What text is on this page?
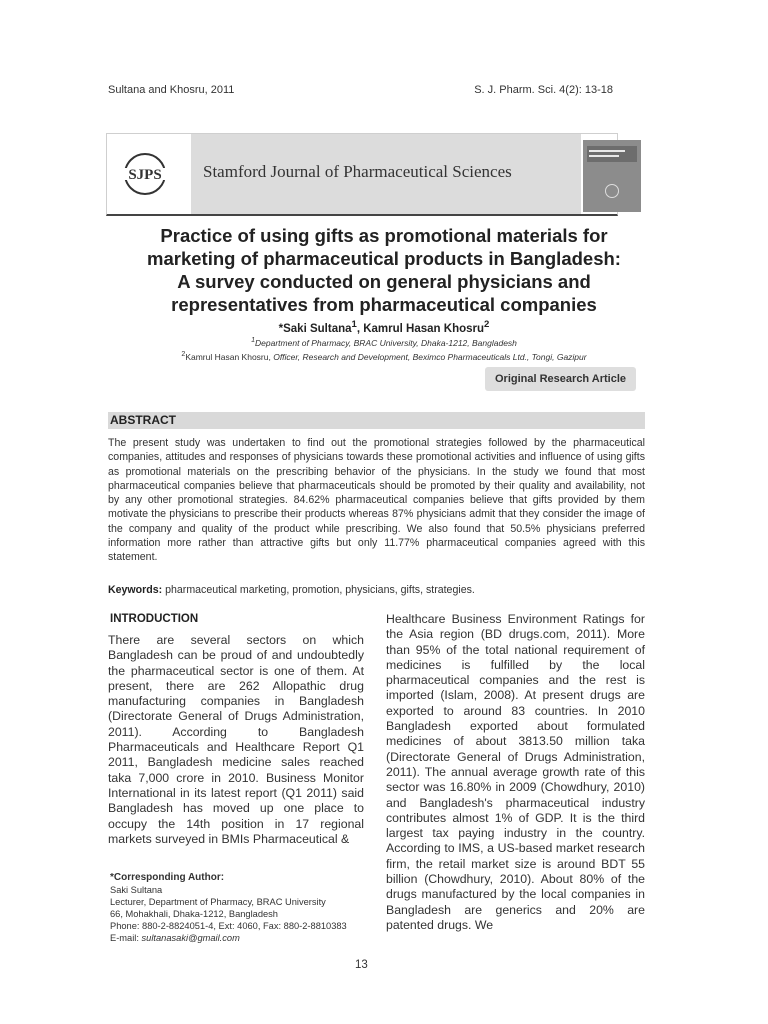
Sultana and Khosru, 2011	S. J. Pharm. Sci. 4(2): 13-18
SJPS Stamford Journal of Pharmaceutical Sciences
Practice of using gifts as promotional materials for
marketing of pharmaceutical products in Bangladesh:
A survey conducted on general physicians and
representatives from pharmaceutical companies
*Saki Sultana$^1$, Kamrul Hasan Khosru$^2$
$^1$Department of Pharmacy, BRAC University, Dhaka-1212, Bangladesh
$^2$Kamrul Hasan Khosru, Officer, Research and Development, Beximco Pharmaceuticals Ltd., Tongi, Gazipur
Original Research Article
ABSTRACT
The present study was undertaken to find out the promotional strategies followed by the pharmaceutical companies, attitudes and responses of physicians towards these promotional activities and influence of using gifts as promotional materials on the prescribing behavior of the physicians. In the study we found that most pharmaceutical companies believe that pharmaceuticals should be promoted by their quality and availability, not by any other promotional strategies. 84.62% pharmaceutical companies believe that gifts provided by them motivate the physicians to prescribe their products whereas 87% physicians admit that they consider the image of the company and quality of the product while prescribing. We also found that 50.5% physicians preferred information more rather than attractive gifts but only 11.77% pharmaceutical companies agreed with this statement.
Keywords: pharmaceutical marketing, promotion, physicians, gifts, strategies.
INTRODUCTION
There are several sectors on which Bangladesh can be proud of and undoubtedly the pharmaceutical sector is one of them. At present, there are 262 Allopathic drug manufacturing companies in Bangladesh (Directorate General of Drugs Administration, 2011). According to Bangladesh Pharmaceuticals and Healthcare Report Q1 2011, Bangladesh medicine sales reached taka 7,000 crore in 2010. Business Monitor International in its latest report (Q1 2011) said Bangladesh has moved up one place to occupy the 14th position in 17 regional markets surveyed in BMIs Pharmaceutical &
Healthcare Business Environment Ratings for the Asia region (BD drugs.com, 2011). More than 95% of the total national requirement of medicines is fulfilled by the local pharmaceutical companies and the rest is imported (Islam, 2008). At present drugs are exported to around 83 countries. In 2010 Bangladesh exported about formulated medicines of about 3813.50 million taka (Directorate General of Drugs Administration, 2011). The annual average growth rate of this sector was 16.80% in 2009 (Chowdhury, 2010) and Bangladesh's pharmaceutical industry contributes almost 1% of GDP. It is the third largest tax paying industry in the country. According to IMS, a US-based market research firm, the retail market size is around BDT 55 billion (Chowdhury, 2010). About 80% of the drugs manufactured by the local companies in Bangladesh are generics and 20% are patented drugs. We
*Corresponding Author:
Saki Sultana
Lecturer, Department of Pharmacy, BRAC University
66, Mohakhali, Dhaka-1212, Bangladesh
Phone: 880-2-8824051-4, Ext: 4060, Fax: 880-2-8810383
E-mail: sultanasaki@gmail.com
13
